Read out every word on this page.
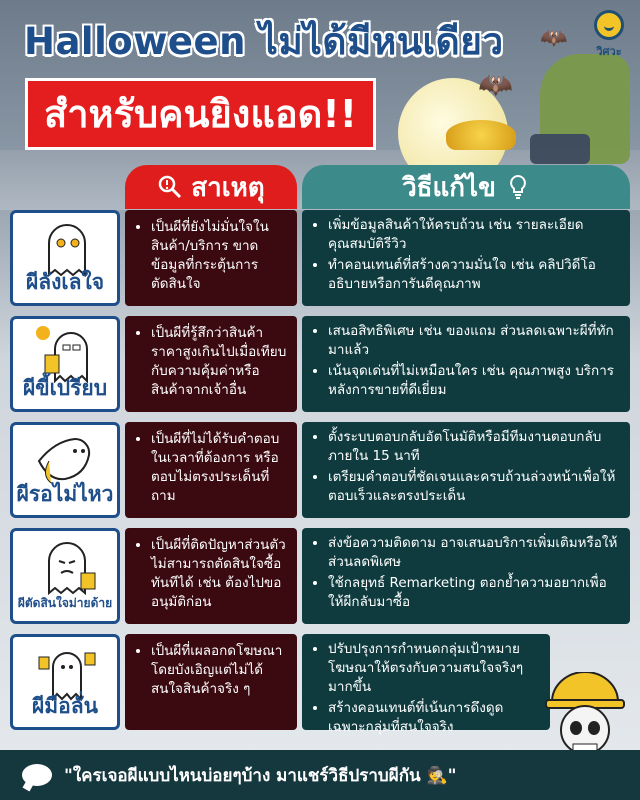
🦇
🦇
วิศวะ
Halloween ไม่ได้มีหนเดียว
สำหรับคนยิงแอด!!
สาเหตุ	วิธีแก้ไข
ผีลังเลใจ
• เป็นผีที่ยังไม่มั่นใจในสินค้า/บริการ ขาดข้อมูลที่กระตุ้นการตัดสินใจ
• เพิ่มข้อมูลสินค้าให้ครบถ้วน เช่น รายละเอียด คุณสมบัติรีวิว
• ทำคอนเทนต์ที่สร้างความมั่นใจ เช่น คลิปวิดีโออธิบายหรือการันตีคุณภาพ
ผีขี้เปรียบ
• เป็นผีที่รู้สึกว่าสินค้าราคาสูงเกินไปเมื่อเทียบกับความคุ้มค่าหรือสินค้าจากเจ้าอื่น
• เสนอสิทธิพิเศษ เช่น ของแถม ส่วนลดเฉพาะผีที่ทักมาแล้ว
• เน้นจุดเด่นที่ไม่เหมือนใคร เช่น คุณภาพสูง บริการหลังการขายที่ดีเยี่ยม
ผีรอไม่ไหว
• เป็นผีที่ไม่ได้รับคำตอบในเวลาที่ต้องการ หรือตอบไม่ตรงประเด็นที่ถาม
• ตั้งระบบตอบกลับอัตโนมัติหรือมีทีมงานตอบกลับภายใน 15 นาที
• เตรียมคำตอบที่ชัดเจนและครบถ้วนล่วงหน้าเพื่อให้ตอบเร็วและตรงประเด็น
ผีตัดสินใจม่ายด้าย
• เป็นผีที่ติดปัญหาส่วนตัว ไม่สามารถตัดสินใจซื้อทันทีได้ เช่น ต้องไปขออนุมัติก่อน
• ส่งข้อความติดตาม อาจเสนอบริการเพิ่มเติมหรือให้ส่วนลดพิเศษ
• ใช้กลยุทธ์ Remarketing ตอกย้ำความอยากเพื่อให้ผีกลับมาซื้อ
ผีมือลั่น
• เป็นผีที่เผลอกดโฆษณาโดยบังเอิญแต่ไม่ได้สนใจสินค้าจริง ๆ
• ปรับปรุงการกำหนดกลุ่มเป้าหมายโฆษณาให้ตรงกับความสนใจจริงๆ มากขึ้น
• สร้างคอนเทนต์ที่เน้นการดึงดูดเฉพาะกลุ่มที่สนใจจริง
"ใครเจอผีแบบไหนบ่อยๆบ้าง มาแชร์วิธีปราบผีกัน 🕵"
